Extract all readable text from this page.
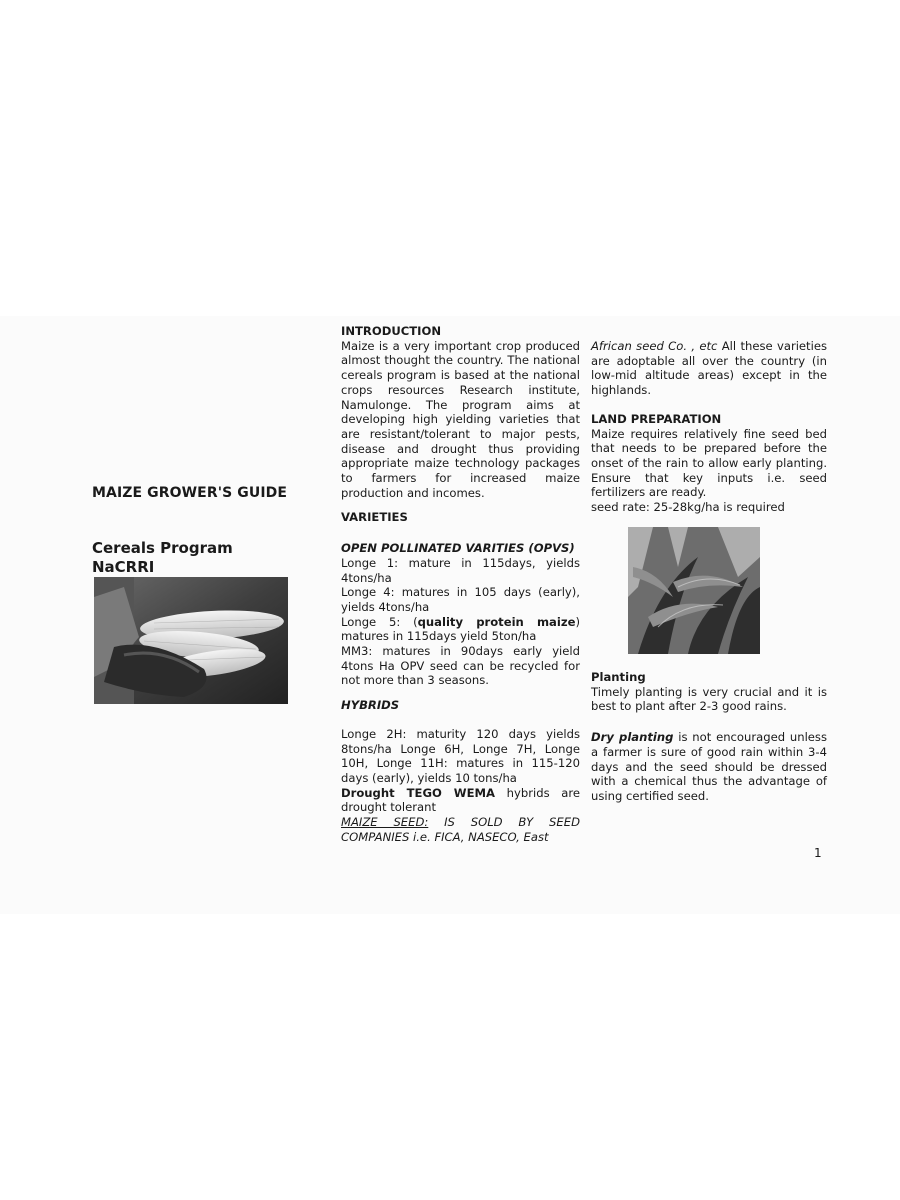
MAIZE GROWER'S GUIDE
Cereals Program
NaCRRI
INTRODUCTION

Maize is a very important crop produced almost thought the country. The national cereals program is based at the national crops resources Research institute, Namulonge. The program aims at developing high yielding varieties that are resistant/tolerant to major pests, disease and drought thus providing appropriate maize technology packages to farmers for increased maize production and incomes.

VARIETIES
OPEN POLLINATED VARITIES (OPVS)

Longe 1: mature in 115days, yields 4tons/ha

Longe 4: matures in 105 days (early), yields 4tons/ha

Longe 5: (quality protein maize) matures in 115days yield 5ton/ha

MM3: matures in 90days early yield 4tons Ha OPV seed can be recycled for not more than 3 seasons.

HYBRIDS

Longe 2H: maturity 120 days yields 8tons/ha Longe 6H, Longe 7H, Longe 10H, Longe 11H: matures in 115-120 days (early), yields 10 tons/ha

Drought TEGO WEMA hybrids are drought tolerant

MAIZE SEED: IS SOLD BY SEED COMPANIES i.e. FICA, NASECO, East

African seed Co. , etc All these varieties are adoptable all over the country (in low-mid altitude areas) except in the highlands.

LAND PREPARATION

Maize requires relatively fine seed bed that needs to be prepared before the onset of the rain to allow early planting. Ensure that key inputs i.e. seed fertilizers are ready.

seed rate: 25-28kg/ha is required

Planting

Timely planting is very crucial and it is best to plant after 2-3 good rains.

Dry planting is not encouraged unless a farmer is sure of good rain within 3-4 days and the seed should be dressed with a chemical thus the advantage of using certified seed.

1
